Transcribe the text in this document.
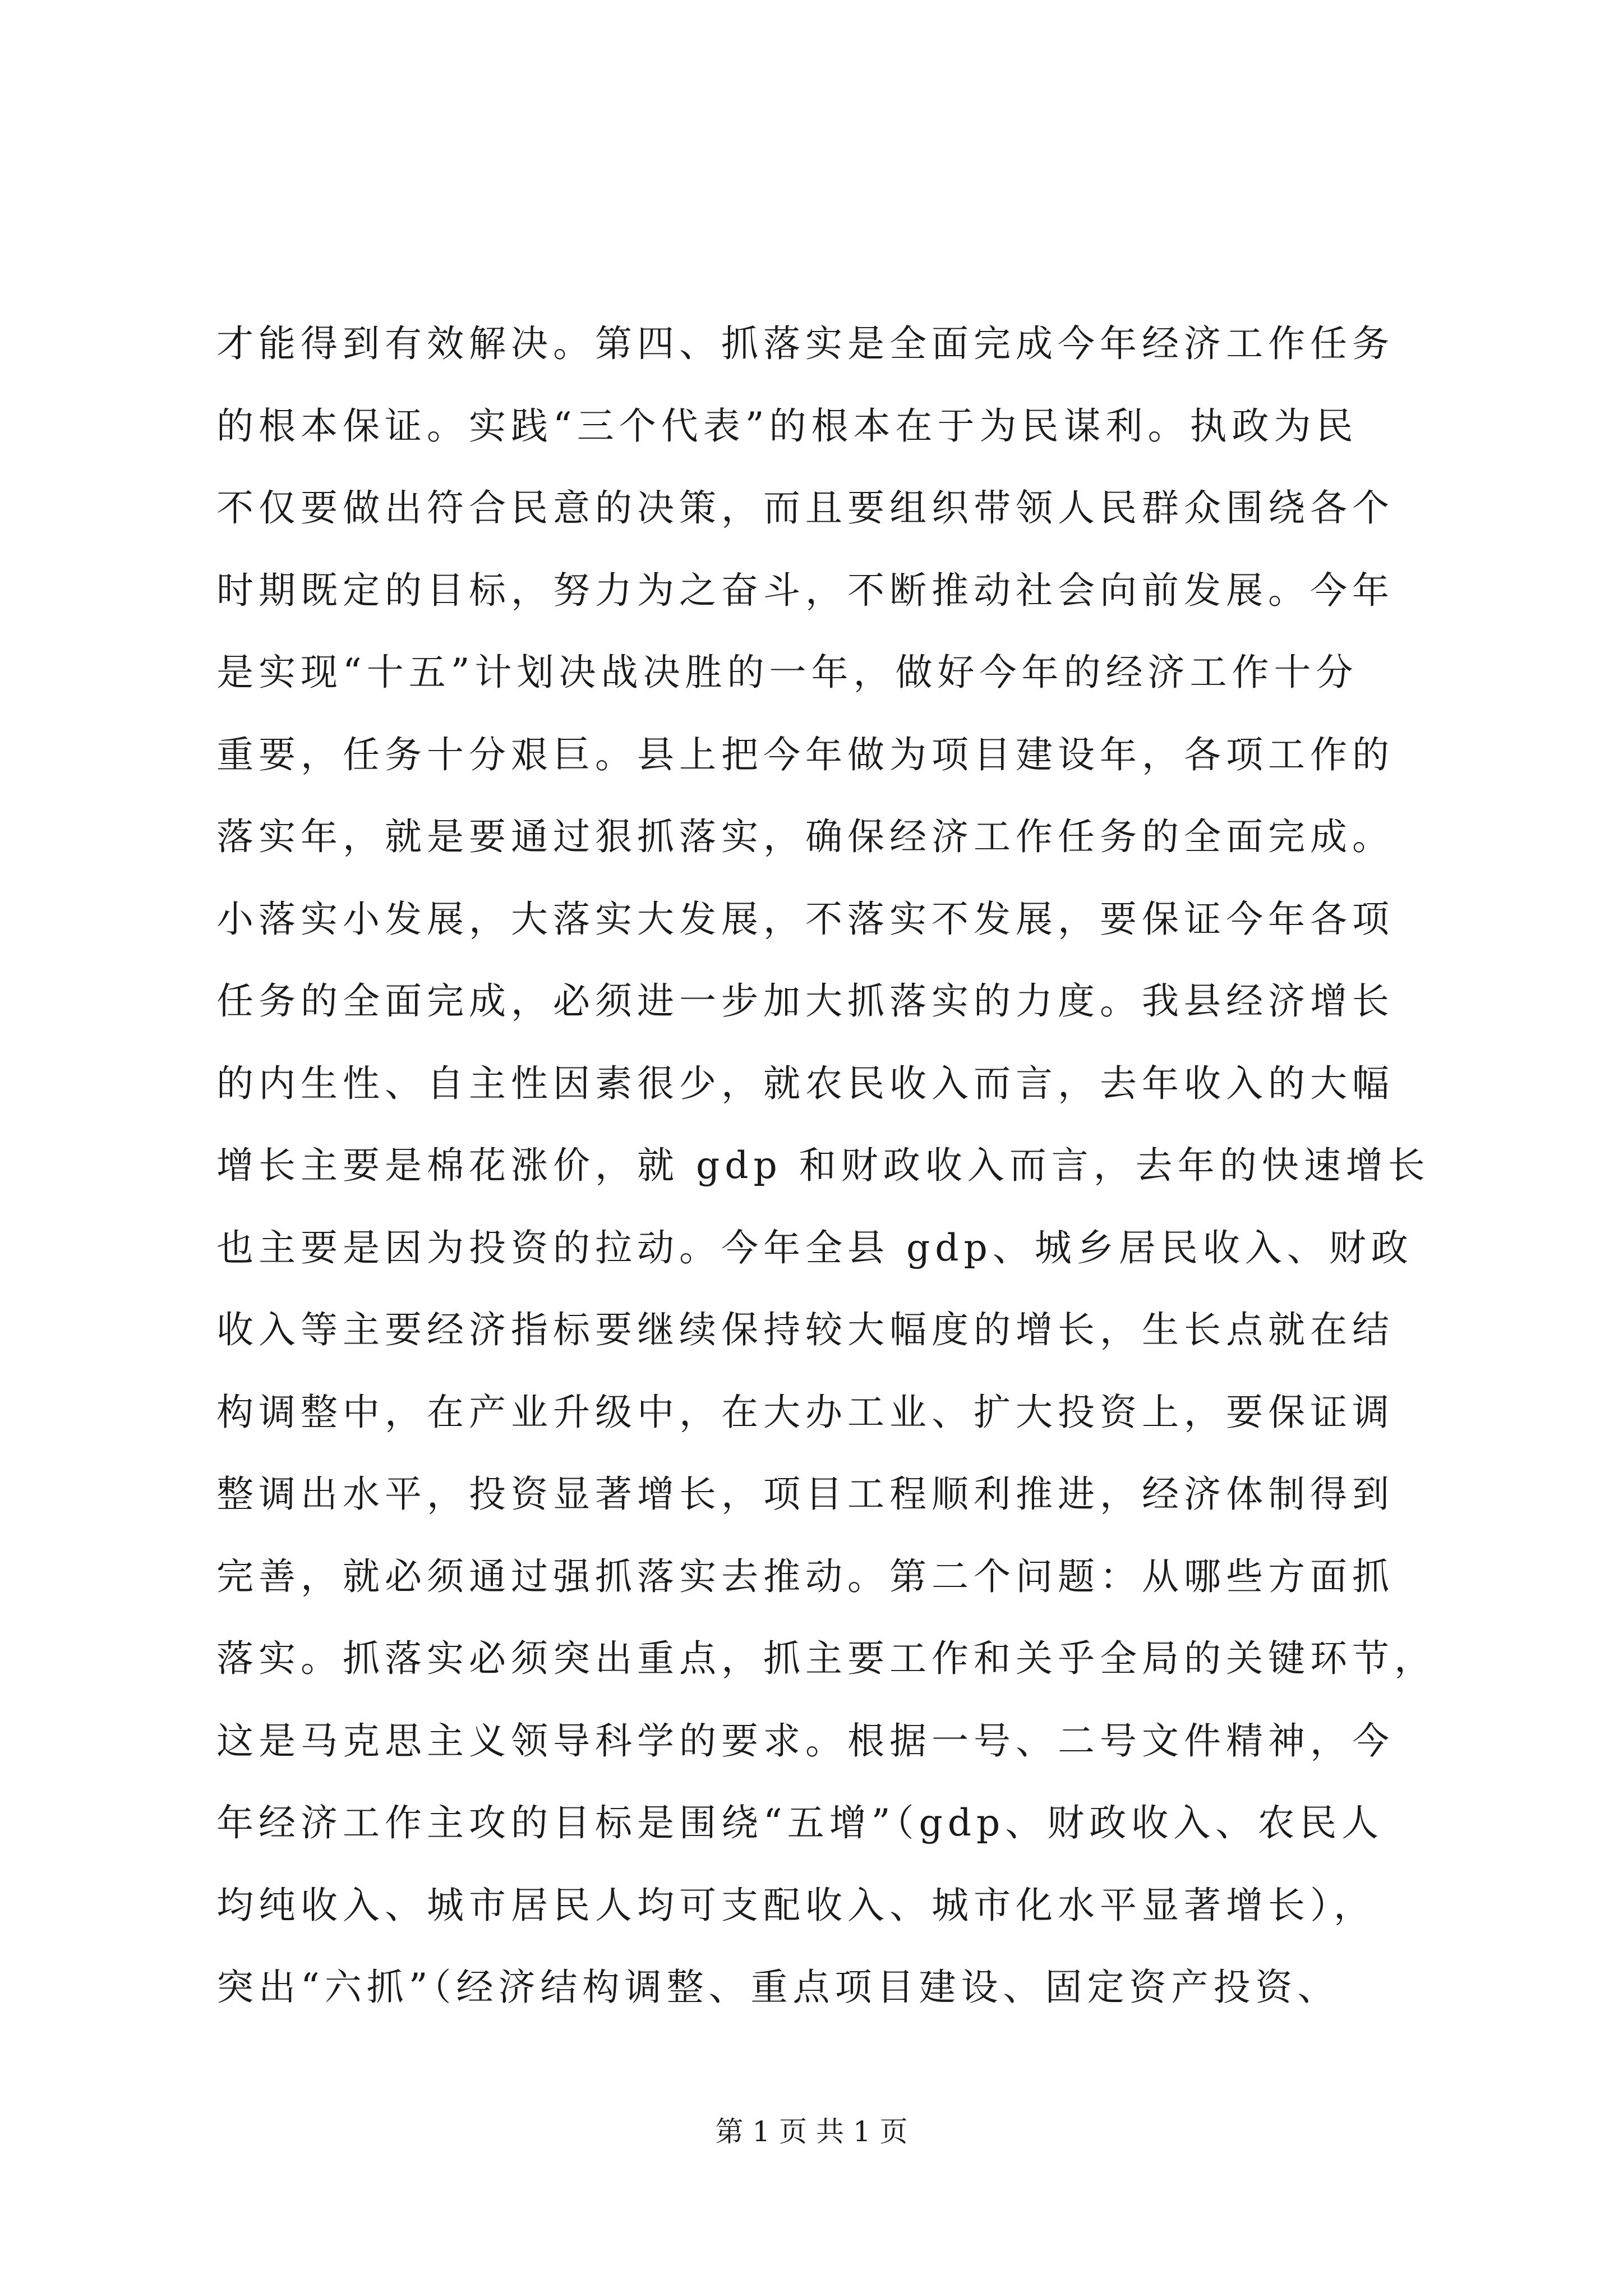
才能得到有效解决。第四、抓落实是全面完成今年经济工作任务
的根本保证。实践“三个代表”的根本在于为民谋利。执政为民
不仅要做出符合民意的决策，而且要组织带领人民群众围绕各个
时期既定的目标，努力为之奋斗，不断推动社会向前发展。今年
是实现“十五”计划决战决胜的一年，做好今年的经济工作十分
重要，任务十分艰巨。县上把今年做为项目建设年，各项工作的
落实年，就是要通过狠抓落实，确保经济工作任务的全面完成。
小落实小发展，大落实大发展，不落实不发展，要保证今年各项
任务的全面完成，必须进一步加大抓落实的力度。我县经济增长
的内生性、自主性因素很少，就农民收入而言，去年收入的大幅
增长主要是棉花涨价，就 gdp 和财政收入而言，去年的快速增长
也主要是因为投资的拉动。今年全县 gdp、城乡居民收入、财政
收入等主要经济指标要继续保持较大幅度的增长，生长点就在结
构调整中，在产业升级中，在大办工业、扩大投资上，要保证调
整调出水平，投资显著增长，项目工程顺利推进，经济体制得到
完善，就必须通过强抓落实去推动。第二个问题：从哪些方面抓
落实。抓落实必须突出重点，抓主要工作和关乎全局的关键环节，
这是马克思主义领导科学的要求。根据一号、二号文件精神，今
年经济工作主攻的目标是围绕“五增”（gdp、财政收入、农民人
均纯收入、城市居民人均可支配收入、城市化水平显著增长），
突出“六抓”（经济结构调整、重点项目建设、固定资产投资、
第 1 页 共 1 页
